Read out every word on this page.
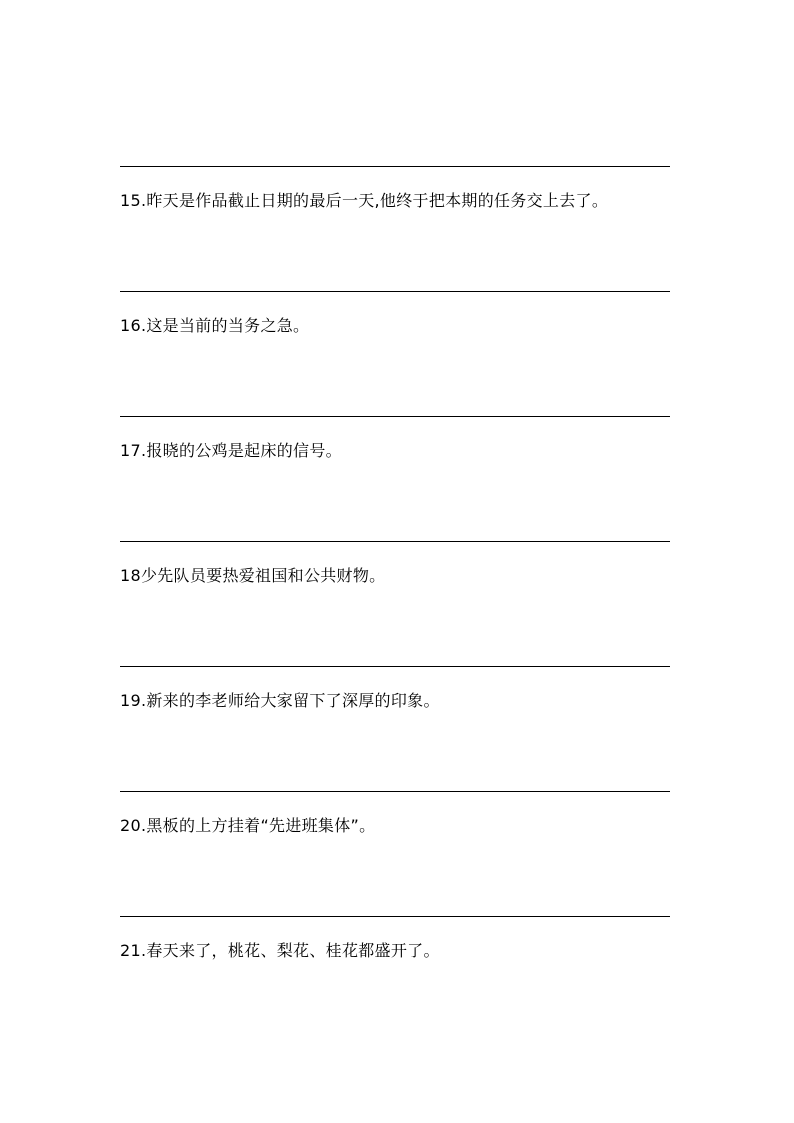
15.昨天是作品截止日期的最后一天,他终于把本期的任务交上去了。
16.这是当前的当务之急。
17.报晓的公鸡是起床的信号。
18少先队员要热爱祖国和公共财物。
19.新来的李老师给大家留下了深厚的印象。
20.黑板的上方挂着“先进班集体”。
21.春天来了，桃花、梨花、桂花都盛开了。
